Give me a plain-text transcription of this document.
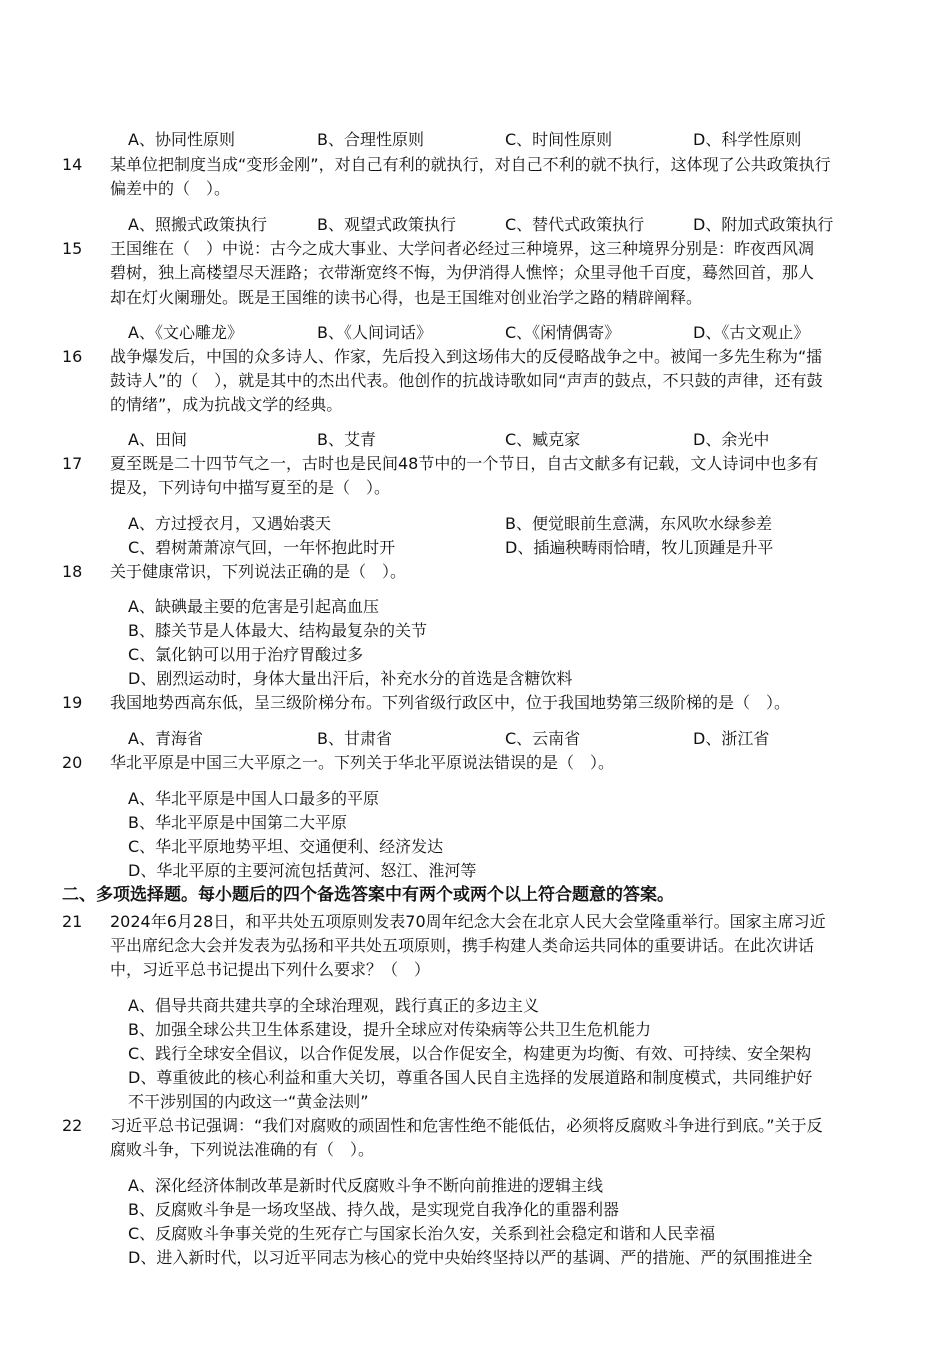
A、协同性原则	B、合理性原则	C、时间性原则	D、科学性原则
14 某单位把制度当成“变形金刚”，对自己有利的就执行，对自己不利的就不执行，这体现了公共政策执行
偏差中的（　）。
A、照搬式政策执行	B、观望式政策执行	C、替代式政策执行	D、附加式政策执行
15 王国维在（　）中说：古今之成大事业、大学问者必经过三种境界，这三种境界分别是：昨夜西风凋
碧树，独上高楼望尽天涯路；衣带渐宽终不悔，为伊消得人憔悴；众里寻他千百度，蓦然回首，那人
却在灯火阑珊处。既是王国维的读书心得，也是王国维对创业治学之路的精辟阐释。
A、《文心雕龙》	B、《人间词话》	C、《闲情偶寄》	D、《古文观止》
16 战争爆发后，中国的众多诗人、作家，先后投入到这场伟大的反侵略战争之中。被闻一多先生称为“擂
鼓诗人”的（　），就是其中的杰出代表。他创作的抗战诗歌如同“声声的鼓点，不只鼓的声律，还有鼓
的情绪”，成为抗战文学的经典。
A、田间	B、艾青	C、臧克家	D、余光中
17 夏至既是二十四节气之一，古时也是民间48节中的一个节日，自古文献多有记载，文人诗词中也多有
提及，下列诗句中描写夏至的是（　）。
A、方过授衣月，又遇始裘天	B、便觉眼前生意满，东风吹水绿参差
C、碧树萧萧凉气回，一年怀抱此时开	D、插遍秧畴雨恰晴，牧儿顶踵是升平
18 关于健康常识，下列说法正确的是（　）。
A、缺碘最主要的危害是引起高血压
B、膝关节是人体最大、结构最复杂的关节
C、氯化钠可以用于治疗胃酸过多
D、剧烈运动时，身体大量出汗后，补充水分的首选是含糖饮料
19 我国地势西高东低，呈三级阶梯分布。下列省级行政区中，位于我国地势第三级阶梯的是（　）。
A、青海省	B、甘肃省	C、云南省	D、浙江省
20 华北平原是中国三大平原之一。下列关于华北平原说法错误的是（　）。
A、华北平原是中国人口最多的平原
B、华北平原是中国第二大平原
C、华北平原地势平坦、交通便利、经济发达
D、华北平原的主要河流包括黄河、怒江、淮河等
二、多项选择题。每小题后的四个备选答案中有两个或两个以上符合题意的答案。
21 2024年6月28日，和平共处五项原则发表70周年纪念大会在北京人民大会堂隆重举行。国家主席习近
平出席纪念大会并发表为弘扬和平共处五项原则，携手构建人类命运共同体的重要讲话。在此次讲话
中，习近平总书记提出下列什么要求？（　）
A、倡导共商共建共享的全球治理观，践行真正的多边主义
B、加强全球公共卫生体系建设，提升全球应对传染病等公共卫生危机能力
C、践行全球安全倡议，以合作促发展，以合作促安全，构建更为均衡、有效、可持续、安全架构
D、尊重彼此的核心利益和重大关切，尊重各国人民自主选择的发展道路和制度模式，共同维护好
不干涉别国的内政这一“黄金法则”
22 习近平总书记强调：“我们对腐败的顽固性和危害性绝不能低估，必须将反腐败斗争进行到底。”关于反
腐败斗争，下列说法准确的有（　）。
A、深化经济体制改革是新时代反腐败斗争不断向前推进的逻辑主线
B、反腐败斗争是一场攻坚战、持久战，是实现党自我净化的重器利器
C、反腐败斗争事关党的生死存亡与国家长治久安，关系到社会稳定和谐和人民幸福
D、进入新时代，以习近平同志为核心的党中央始终坚持以严的基调、严的措施、严的氛围推进全
